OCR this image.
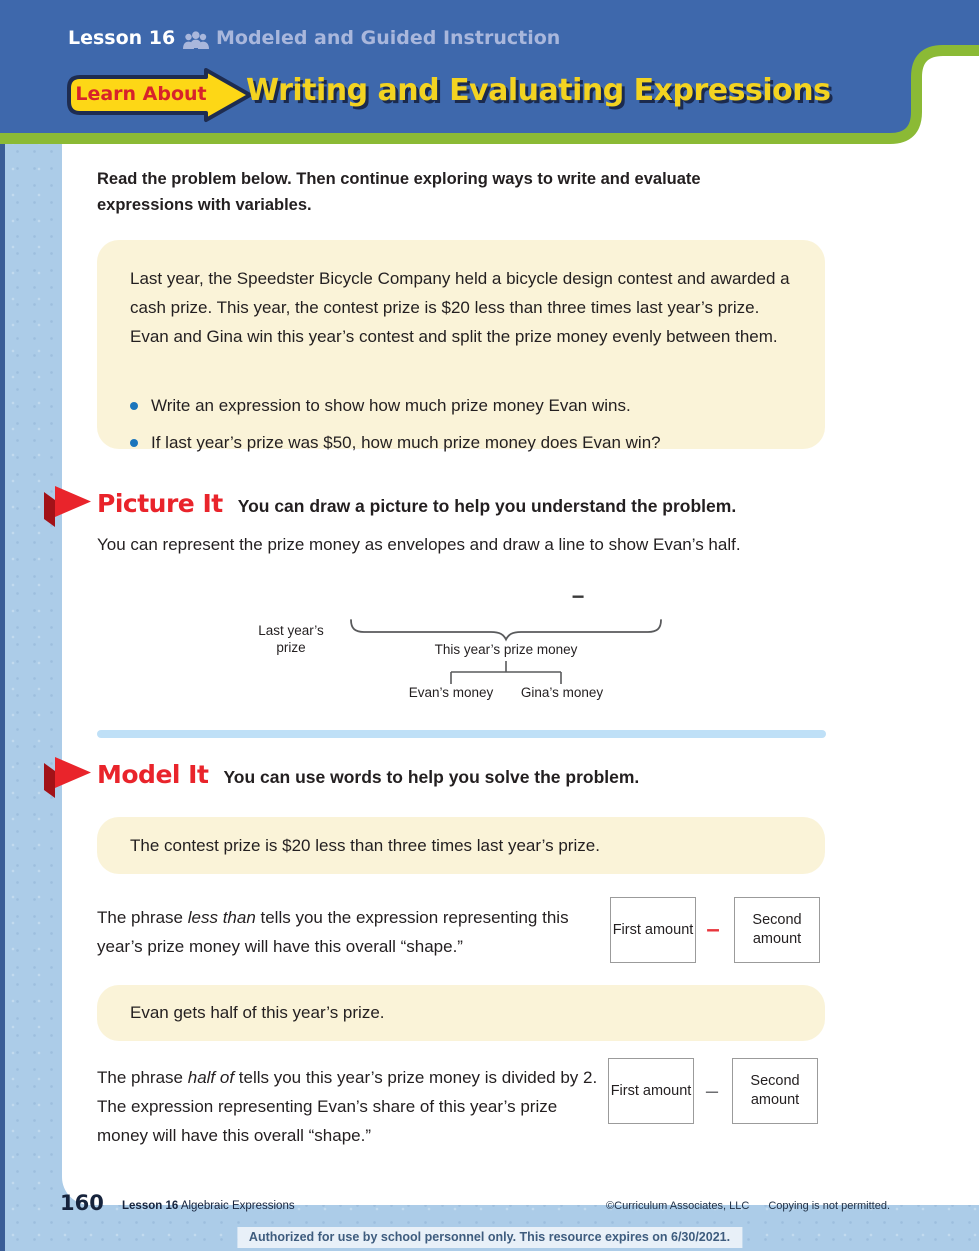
Lesson 16 Modeled and Guided Instruction
Learn About Writing and Evaluating Expressions
Read the problem below. Then continue exploring ways to write and evaluate expressions with variables.
Last year, the Speedster Bicycle Company held a bicycle design contest and awarded a cash prize. This year, the contest prize is $20 less than three times last year’s prize. Evan and Gina win this year’s contest and split the prize money evenly between them.
Write an expression to show how much prize money Evan wins.
If last year’s prize was $50, how much prize money does Evan win?
Picture It You can draw a picture to help you understand the problem.
You can represent the prize money as envelopes and draw a line to show Evan’s half.
−
Last year’s prize	This year’s prize money
Evan’s money	Gina’s money
Model It You can use words to help you solve the problem.
The contest prize is $20 less than three times last year’s prize.
The phrase less than tells you the expression representing this year’s prize money will have this overall “shape.”
First amount –	Second amount
Evan gets half of this year’s prize.
The phrase half of tells you this year’s prize money is divided by 2. The expression representing Evan’s share of this year’s prize money will have this overall “shape.”
First amount –	Second amount
160 Lesson 16 Algebraic Expressions	©Curriculum Associates, LLC Copying is not permitted.
Authorized for use by school personnel only. This resource expires on 6/30/2021.
